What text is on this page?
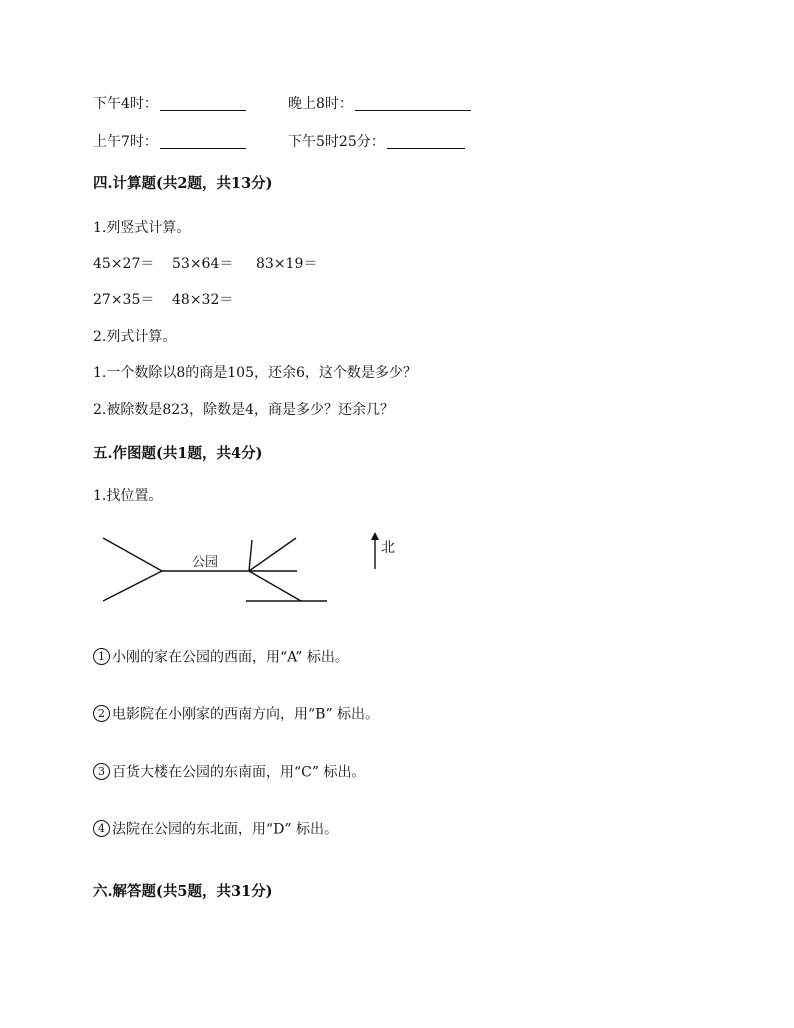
下午4时：	晚上8时：
上午7时：	下午5时25分：
四.计算题(共2题，共13分)
1.列竖式计算。
45×27＝ 53×64＝ 83×19＝
27×35＝ 48×32＝
2.列式计算。
1.一个数除以8的商是105，还余6，这个数是多少？
2.被除数是823，除数是4，商是多少？还余几？
五.作图题(共1题，共4分)
1.找位置。
公园
北
1 小刚的家在公园的西面，用“A” 标出。
2 电影院在小刚家的西南方向，用“B” 标出。
3 百货大楼在公园的东南面，用“C” 标出。
4 法院在公园的东北面，用“D” 标出。
六.解答题(共5题，共31分)
